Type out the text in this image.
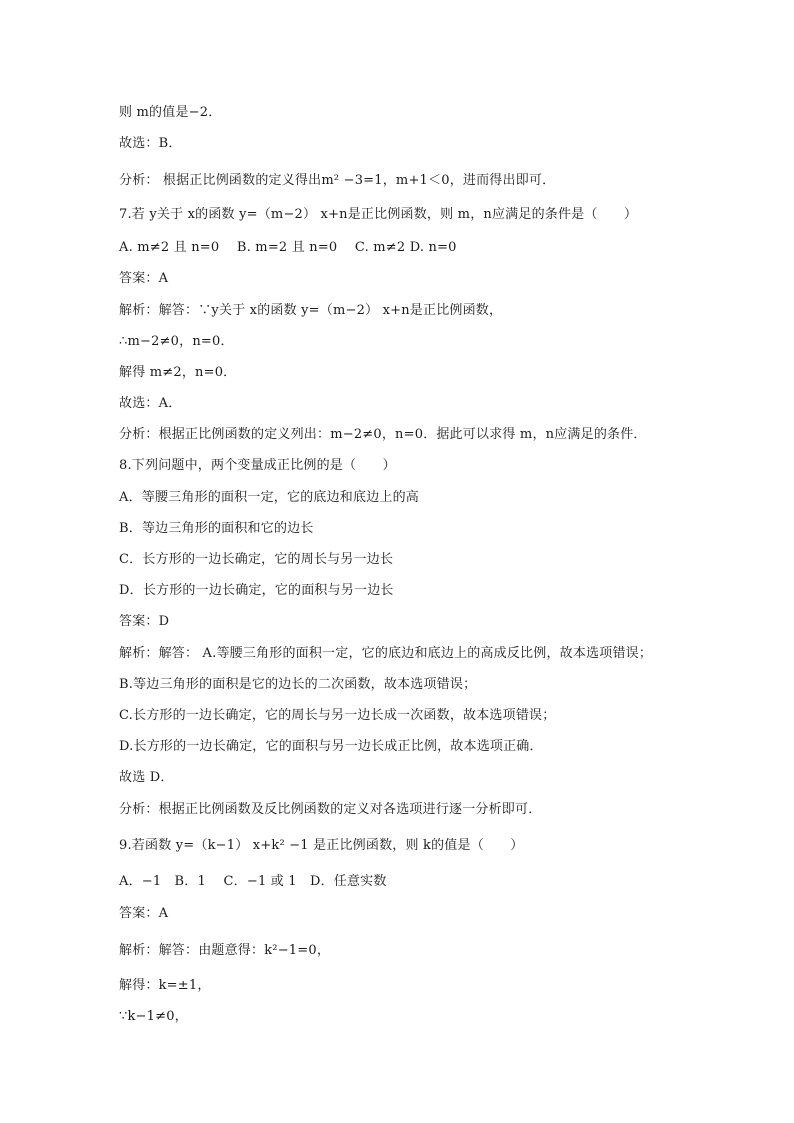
则 m的值是−2．
故选：B．
分析： 根据正比例函数的定义得出m² −3=1，m+1＜0，进而得出即可．
7.若 y关于 x的函数 y=（m−2） x+n是正比例函数，则 m，n应满足的条件是（　　）
A. m≠2 且 n=0　 B. m=2 且 n=0　 C. m≠2 D. n=0
答案：A
解析：解答：∵y关于 x的函数 y=（m−2） x+n是正比例函数，
∴m−2≠0，n=0．
解得 m≠2，n=0．
故选：A．
分析：根据正比例函数的定义列出：m−2≠0，n=0．据此可以求得 m，n应满足的条件．
8.下列问题中，两个变量成正比例的是（　　）
A．等腰三角形的面积一定，它的底边和底边上的高
B．等边三角形的面积和它的边长
C．长方形的一边长确定，它的周长与另一边长
D．长方形的一边长确定，它的面积与另一边长
答案：D
解析：解答： A.等腰三角形的面积一定，它的底边和底边上的高成反比例，故本选项错误；
B.等边三角形的面积是它的边长的二次函数，故本选项错误；
C.长方形的一边长确定，它的周长与另一边长成一次函数，故本选项错误；
D.长方形的一边长确定，它的面积与另一边长成正比例，故本选项正确．
故选 D．
分析：根据正比例函数及反比例函数的定义对各选项进行逐一分析即可．
9.若函数 y=（k−1） x+k² −1 是正比例函数，则 k的值是（　　）
A．−1　B．1　 C．−1 或 1　D．任意实数
答案：A
解析：解答：由题意得：k²−1=0，
解得：k=±1，
∵k−1≠0，
